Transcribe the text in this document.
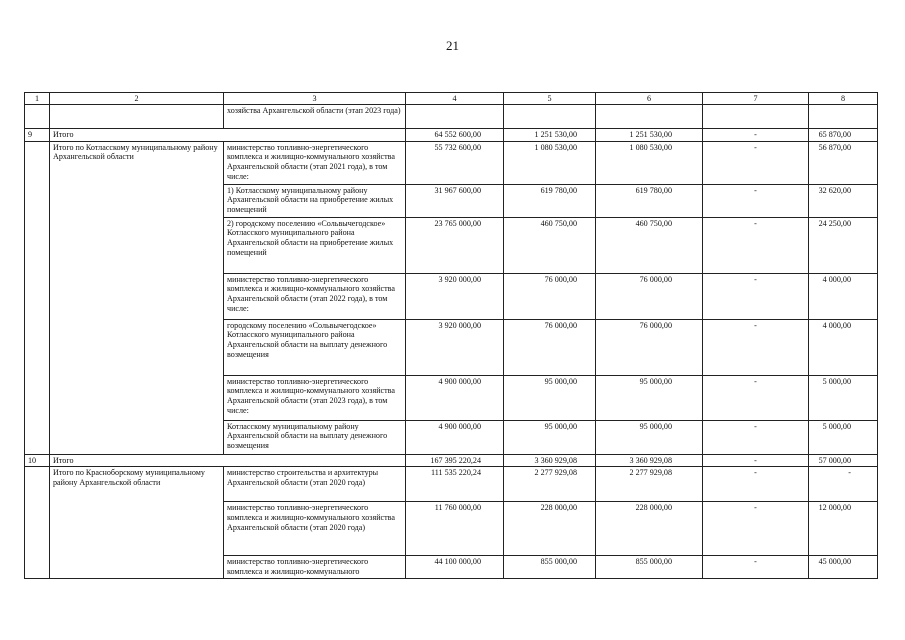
21
1	2	3	4	5	6	7	8
		хозяйства Архангельской области (этап 2023 года)					
9	Итого		64 552 600,00	1 251 530,00	1 251 530,00	-	65 870,00
	Итого по Котласскому муниципальному району Архангельской области	министерство топливно-энергетического комплекса и жилищно-коммунального хозяйства Архангельской области (этап 2021 года), в том числе:	55 732 600,00	1 080 530,00	1 080 530,00	-	56 870,00
		1) Котласскому муниципальному району Архангельской области на приобретение жилых помещений	31 967 600,00	619 780,00	619 780,00	-	32 620,00
		2) городскому поселению «Сольвычегодское» Котласского муниципального района Архангельской области на приобретение жилых помещений	23 765 000,00	460 750,00	460 750,00	-	24 250,00
		министерство топливно-энергетического комплекса и жилищно-коммунального хозяйства Архангельской области (этап 2022 года), в том числе:	3 920 000,00	76 000,00	76 000,00	-	4 000,00
		городскому поселению «Сольвычегодское» Котласского муниципального района Архангельской области на выплату денежного возмещения	3 920 000,00	76 000,00	76 000,00	-	4 000,00
		министерство топливно-энергетического комплекса и жилищно-коммунального хозяйства Архангельской области (этап 2023 года), в том числе:	4 900 000,00	95 000,00	95 000,00	-	5 000,00
		Котласскому муниципальному району Архангельской области на выплату денежного возмещения	4 900 000,00	95 000,00	95 000,00	-	5 000,00
10	Итого		167 395 220,24	3 360 929,08	3 360 929,08	-	57 000,00
	Итого по Красноборскому муниципальному району Архангельской области	министерство строительства и архитектуры Архангельской области (этап 2020 года)	111 535 220,24	2 277 929,08	2 277 929,08	-	-
		министерство топливно-энергетического комплекса и жилищно-коммунального хозяйства Архангельской области (этап 2020 года)	11 760 000,00	228 000,00	228 000,00	-	12 000,00
		министерство топливно-энергетического комплекса и жилищно-коммунального	44 100 000,00	855 000,00	855 000,00	-	45 000,00
